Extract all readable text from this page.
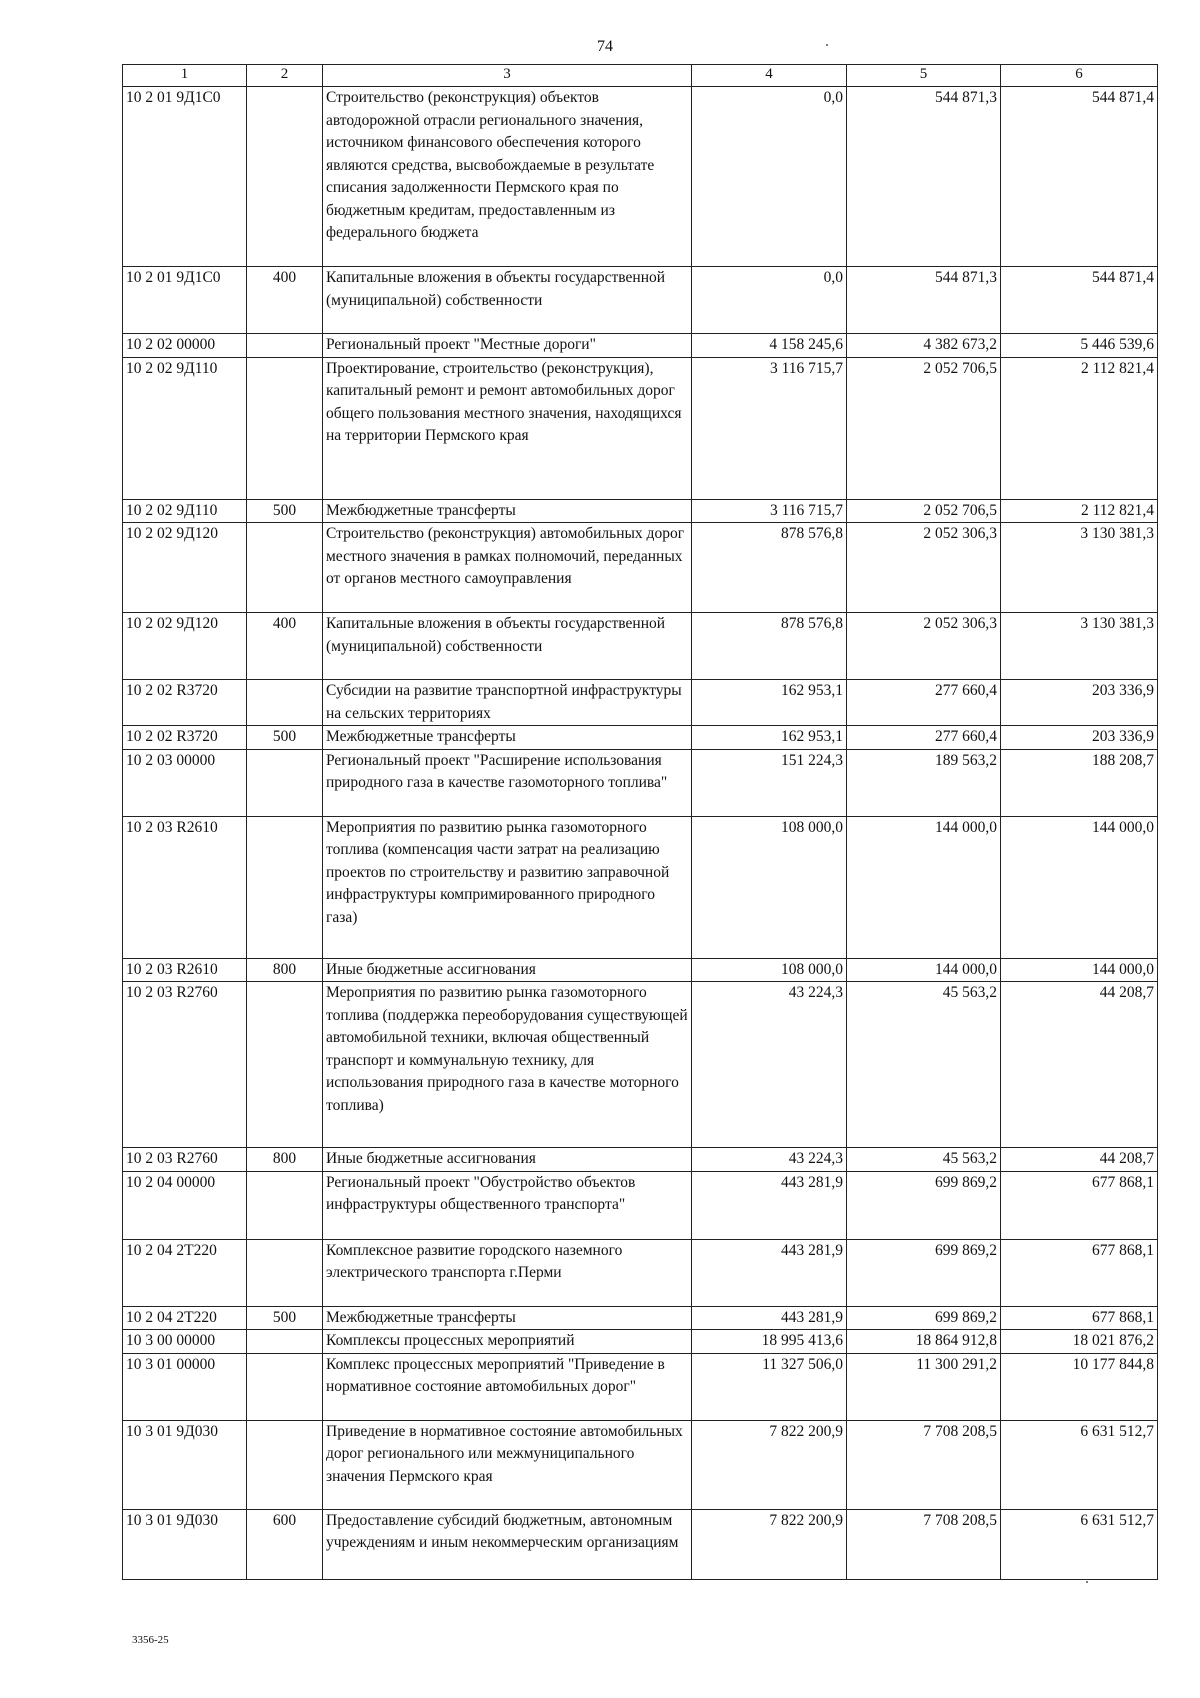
74
1	2	3	4	5	6
10 2 01 9Д1С0		Строительство (реконструкция) объектов автодорожной отрасли регионального значения, источником финансового обеспечения которого являются средства, высвобождаемые в результате списания задолженности Пермского края по бюджетным кредитам, предоставленным из федерального бюджета	0,0	544 871,3	544 871,4
10 2 01 9Д1С0	400	Капитальные вложения в объекты государственной (муниципальной) собственности	0,0	544 871,3	544 871,4
10 2 02 00000		Региональный проект "Местные дороги"	4 158 245,6	4 382 673,2	5 446 539,6
10 2 02 9Д110		Проектирование, строительство (реконструкция), капитальный ремонт и ремонт автомобильных дорог общего пользования местного значения, находящихся на территории Пермского края	3 116 715,7	2 052 706,5	2 112 821,4
10 2 02 9Д110	500	Межбюджетные трансферты	3 116 715,7	2 052 706,5	2 112 821,4
10 2 02 9Д120		Строительство (реконструкция) автомобильных дорог местного значения в рамках полномочий, переданных от органов местного самоуправления	878 576,8	2 052 306,3	3 130 381,3
10 2 02 9Д120	400	Капитальные вложения в объекты государственной (муниципальной) собственности	878 576,8	2 052 306,3	3 130 381,3
10 2 02 R3720		Субсидии на развитие транспортной инфраструктуры на сельских территориях	162 953,1	277 660,4	203 336,9
10 2 02 R3720	500	Межбюджетные трансферты	162 953,1	277 660,4	203 336,9
10 2 03 00000		Региональный проект "Расширение использования природного газа в качестве газомоторного топлива"	151 224,3	189 563,2	188 208,7
10 2 03 R2610		Мероприятия по развитию рынка газомоторного топлива (компенсация части затрат на реализацию проектов по строительству и развитию заправочной инфраструктуры компримированного природного газа)	108 000,0	144 000,0	144 000,0
10 2 03 R2610	800	Иные бюджетные ассигнования	108 000,0	144 000,0	144 000,0
10 2 03 R2760		Мероприятия по развитию рынка газомоторного топлива (поддержка переоборудования существующей автомобильной техники, включая общественный транспорт и коммунальную технику, для использования природного газа в качестве моторного топлива)	43 224,3	45 563,2	44 208,7
10 2 03 R2760	800	Иные бюджетные ассигнования	43 224,3	45 563,2	44 208,7
10 2 04 00000		Региональный проект "Обустройство объектов инфраструктуры общественного транспорта"	443 281,9	699 869,2	677 868,1
10 2 04 2Т220		Комплексное развитие городского наземного электрического транспорта г.Перми	443 281,9	699 869,2	677 868,1
10 2 04 2Т220	500	Межбюджетные трансферты	443 281,9	699 869,2	677 868,1
10 3 00 00000		Комплексы процессных мероприятий	18 995 413,6	18 864 912,8	18 021 876,2
10 3 01 00000		Комплекс процессных мероприятий "Приведение в нормативное состояние автомобильных дорог"	11 327 506,0	11 300 291,2	10 177 844,8
10 3 01 9Д030		Приведение в нормативное состояние автомобильных дорог регионального или межмуниципального значения Пермского края	7 822 200,9	7 708 208,5	6 631 512,7
10 3 01 9Д030	600	Предоставление субсидий бюджетным, автономным учреждениям и иным некоммерческим организациям	7 822 200,9	7 708 208,5	6 631 512,7
3356-25
